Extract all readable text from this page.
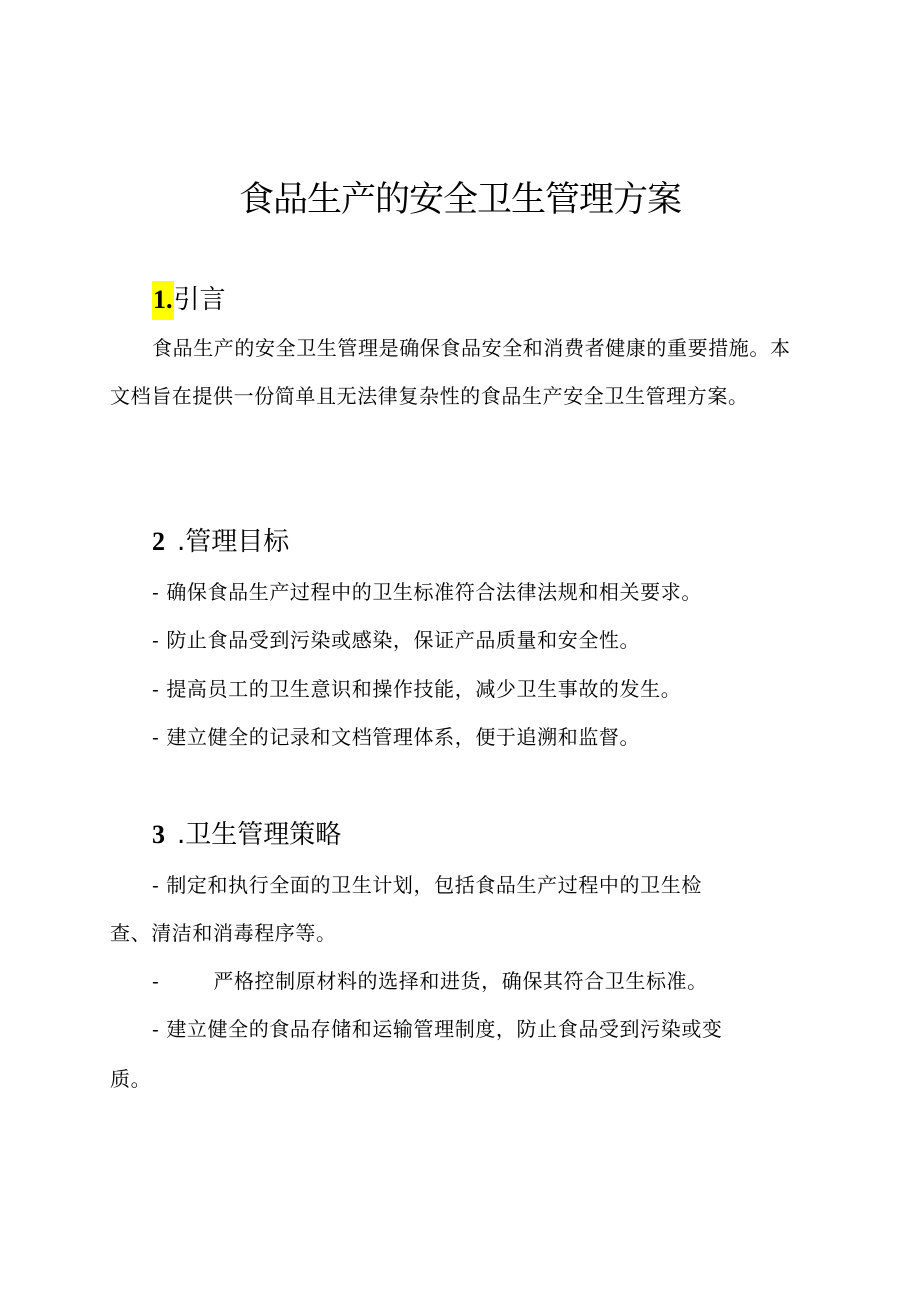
食品生产的安全卫生管理方案
1.引言
食品生产的安全卫生管理是确保食品安全和消费者健康的重要措施。本文档旨在提供一份简单且无法律复杂性的食品生产安全卫生管理方案。
2 .管理目标
- 确保食品生产过程中的卫生标准符合法律法规和相关要求。
- 防止食品受到污染或感染，保证产品质量和安全性。
- 提高员工的卫生意识和操作技能，减少卫生事故的发生。
- 建立健全的记录和文档管理体系，便于追溯和监督。
3 .卫生管理策略
- 制定和执行全面的卫生计划，包括食品生产过程中的卫生检
查、清洁和消毒程序等。
-	严格控制原材料的选择和进货，确保其符合卫生标准。
- 建立健全的食品存储和运输管理制度，防止食品受到污染或变
质。
